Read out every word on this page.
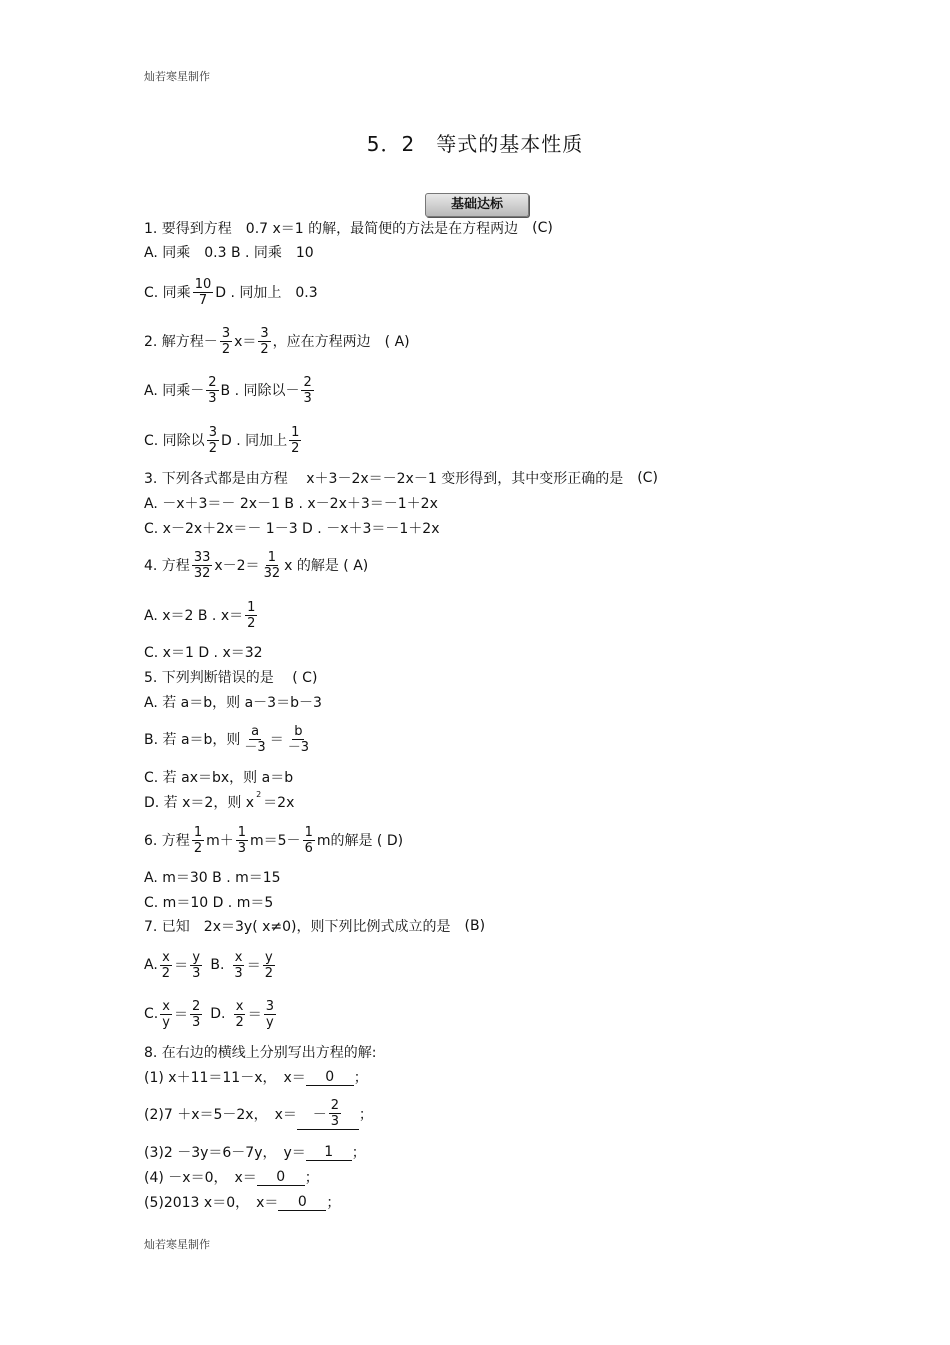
灿若寒星制作
5．2　等式的基本性质
基础达标
1. 要得到方程　0.7 x＝1 的解，最简便的方法是在方程两边 (C)
A. 同乘　0.3 B . 同乘　10
C. 同乘 $\frac{10}{7}$ D . 同加上　0.3
2. 解方程－ $\frac{3}{2} x= \frac{3}{2}$ ，应在方程两边　( A)
A. 同乘－ $\frac{2}{3}$ B . 同除以－ $\frac{2}{3}$
C. 同除以 $\frac{3}{2}$ D . 同加上 $\frac{1}{2}$
3. 下列各式都是由方程　 x＋3－2x＝－2x－1 变形得到，其中变形正确的是 (C)
A. －x＋3＝－ 2x－1 B . x－2x＋3＝－1＋2x
C. x－2x＋2x＝－ 1－3 D . －x＋3＝－1＋2x
4. 方程 $\frac{33}{32} x-2= \frac{1}{32}$ x 的解是 ( A)
A. x＝2 B . $x= \frac{1}{2}$
C. x＝1 D . x＝32
5. 下列判断错误的是　 ( C)
A. 若 a＝b，则 a－3＝b－3
B. 若 a＝b，则 $\frac{a}{-3} = \frac{b}{-3}$
C. 若 ax＝bx，则 a＝b
D. 若 x＝2，则 x
2
＝2x
6. 方程 $\frac{1}{2} m+ \frac{1}{3} m=5- \frac{1}{6}$ m的解是 ( D)
A. m＝30 B . m＝15
C. m＝10 D . m＝5
7. 已知　2x＝3y( x≠0)，则下列比例式成立的是 (B)
A. $\frac{x}{2} = \frac{y}{3} B$. $\frac{x}{3} = \frac{y}{2}$
C. $\frac{x}{y} = \frac{2}{3} D$. $\frac{x}{2} = \frac{3}{y}$
8. 在右边的横线上分别写出方程的解:
(1) x＋11＝11－x，　x＝	0	；
(2)7 ＋x＝5－2x，　$x= - \frac{2}{3}$ ；
(3)2 －3y＝6－7y，　y＝	1	；
(4) －x＝0，　x＝	0	；
(5)2013 x＝0，　x＝	0	；
灿若寒星制作
